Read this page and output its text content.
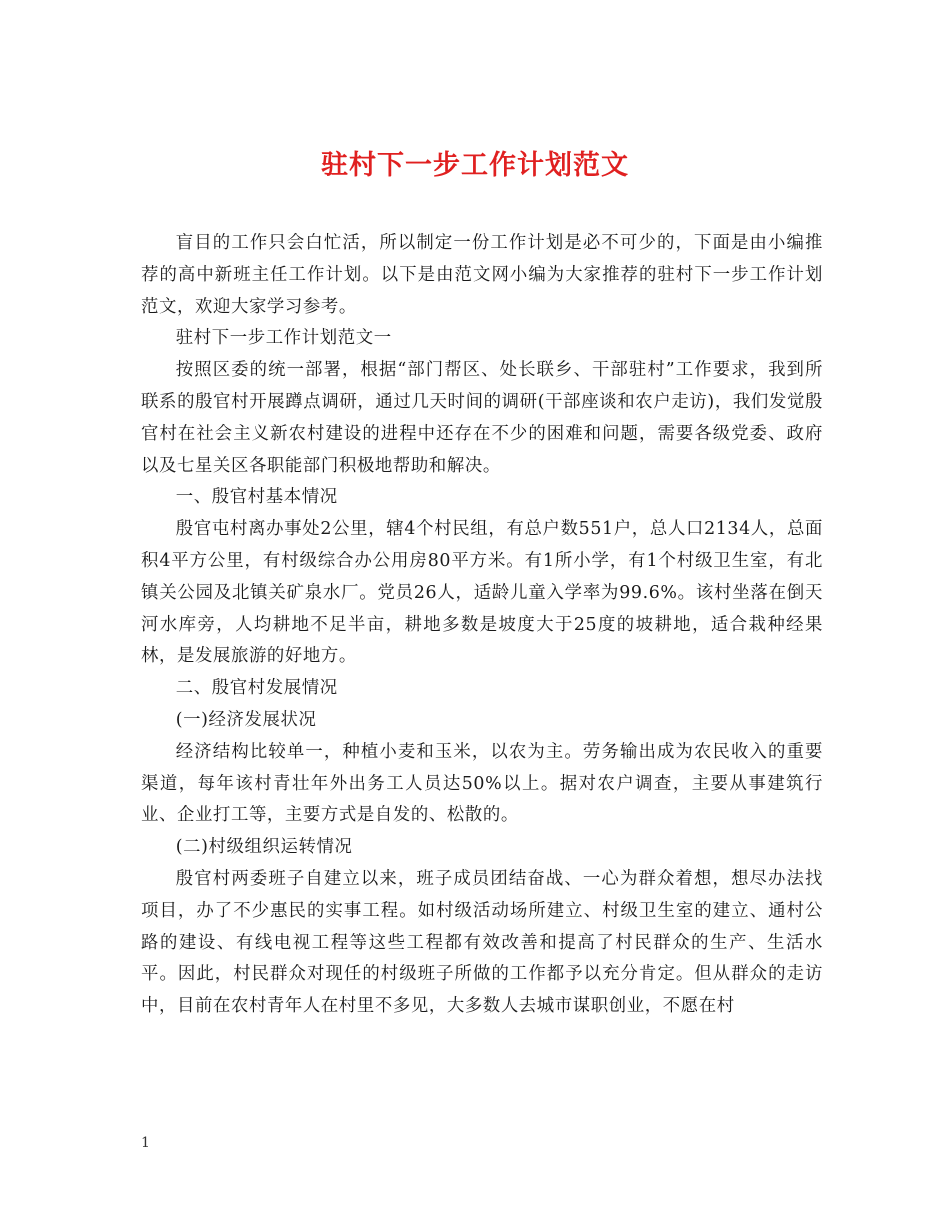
驻村下一步工作计划范文

盲目的工作只会白忙活，所以制定一份工作计划是必不可少的，下面是由小编推荐的高中新班主任工作计划。以下是由范文网小编为大家推荐的驻村下一步工作计划范文，欢迎大家学习参考。

驻村下一步工作计划范文一

按照区委的统一部署，根据“部门帮区、处长联乡、干部驻村”工作要求，我到所联系的殷官村开展蹲点调研，通过几天时间的调研(干部座谈和农户走访)，我们发觉殷官村在社会主义新农村建设的进程中还存在不少的困难和问题，需要各级党委、政府以及七星关区各职能部门积极地帮助和解决。

一、殷官村基本情况

殷官屯村离办事处2公里，辖4个村民组，有总户数551户，总人口2134人，总面积4平方公里，有村级综合办公用房80平方米。有1所小学，有1个村级卫生室，有北镇关公园及北镇关矿泉水厂。党员26人，适龄儿童入学率为99.6%。该村坐落在倒天河水库旁，人均耕地不足半亩，耕地多数是坡度大于25度的坡耕地，适合栽种经果林，是发展旅游的好地方。

二、殷官村发展情况

(一)经济发展状况

经济结构比较单一，种植小麦和玉米，以农为主。劳务输出成为农民收入的重要渠道，每年该村青壮年外出务工人员达50%以上。据对农户调查，主要从事建筑行业、企业打工等，主要方式是自发的、松散的。

(二)村级组织运转情况

殷官村两委班子自建立以来，班子成员团结奋战、一心为群众着想，想尽办法找项目，办了不少惠民的实事工程。如村级活动场所建立、村级卫生室的建立、通村公路的建设、有线电视工程等这些工程都有效改善和提高了村民群众的生产、生活水平。因此，村民群众对现任的村级班子所做的工作都予以充分肯定。但从群众的走访中，目前在农村青年人在村里不多见，大多数人去城市谋职创业，不愿在村

1
